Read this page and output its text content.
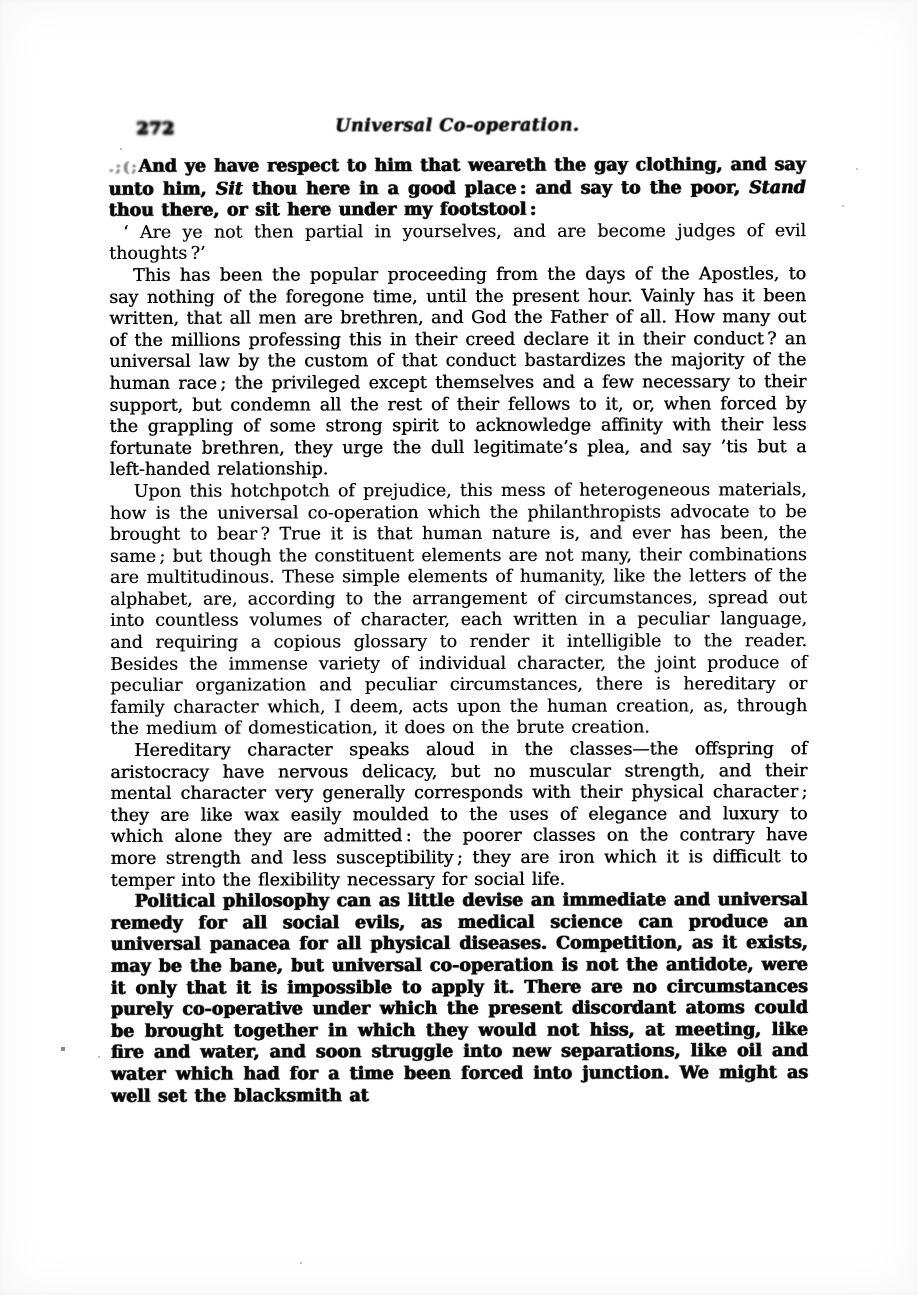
272	Universal Co-operation.

.;(;And ye have respect to him that weareth the gay clothing, and say unto him, Sit thou here in a good place : and say to the poor, Stand thou there, or sit here under my footstool :

‘ Are ye not then partial in yourselves, and are become judges of evil thoughts ?’

This has been the popular proceeding from the days of the Apostles, to say nothing of the foregone time, until the present hour. Vainly has it been written, that all men are brethren, and God the Father of all. How many out of the millions professing this in their creed declare it in their conduct ? an universal law by the custom of that conduct bastardizes the majority of the human race ; the privileged except themselves and a few necessary to their support, but condemn all the rest of their fellows to it, or, when forced by the grappling of some strong spirit to acknowledge affinity with their less fortunate brethren, they urge the dull legitimate’s plea, and say ’tis but a left-handed relationship.

Upon this hotchpotch of prejudice, this mess of heterogeneous materials, how is the universal co-operation which the philanthropists advocate to be brought to bear ? True it is that human nature is, and ever has been, the same ; but though the constituent elements are not many, their combinations are multitudinous. These simple elements of humanity, like the letters of the alphabet, are, according to the arrangement of circumstances, spread out into countless volumes of character, each written in a peculiar language, and requiring a copious glossary to render it intelligible to the reader. Besides the immense variety of individual character, the joint produce of peculiar organization and peculiar circumstances, there is hereditary or family character which, I deem, acts upon the human creation, as, through the medium of domestication, it does on the brute creation.

Hereditary character speaks aloud in the classes—the offspring of aristocracy have nervous delicacy, but no muscular strength, and their mental character very generally corresponds with their physical character ; they are like wax easily moulded to the uses of elegance and luxury to which alone they are admitted : the poorer classes on the contrary have more strength and less susceptibility ; they are iron which it is difficult to temper into the flexibility necessary for social life.

Political philosophy can as little devise an immediate and universal remedy for all social evils, as medical science can produce an universal panacea for all physical diseases. Competition, as it exists, may be the bane, but universal co-operation is not the antidote, were it only that it is impossible to apply it. There are no circumstances purely co-operative under which the present discordant atoms could be brought together in which they would not hiss, at meeting, like fire and water, and soon struggle into new separations, like oil and water which had for a time been forced into junction. We might as well set the blacksmith at
